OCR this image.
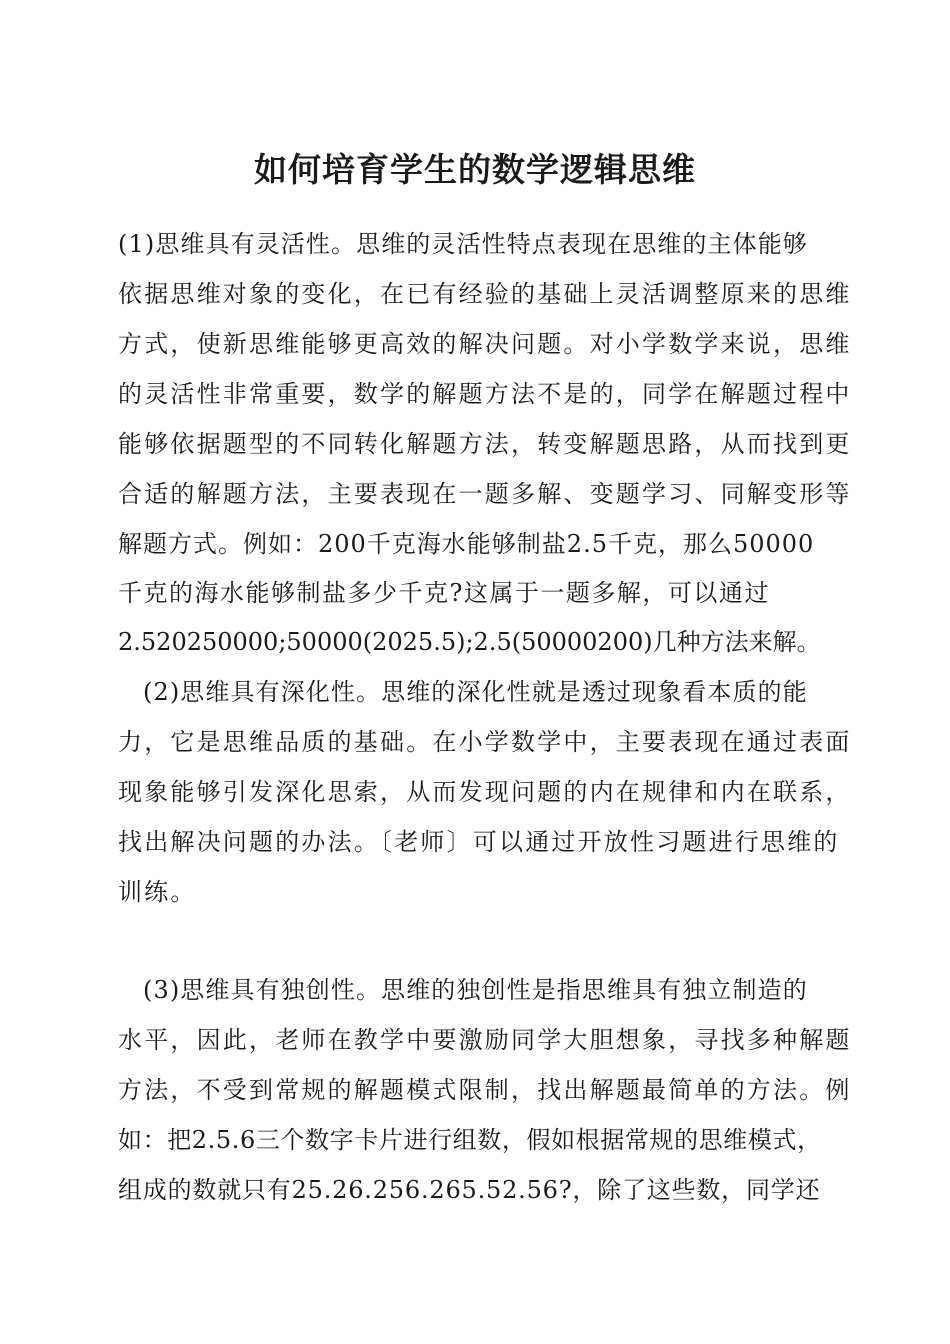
如何培育学生的数学逻辑思维

(1)思维具有灵活性。思维的灵活性特点表现在思维的主体能够

依据思维对象的变化，在已有经验的基础上灵活调整原来的思维

方式，使新思维能够更高效的解决问题。对小学数学来说，思维

的灵活性非常重要，数学的解题方法不是的，同学在解题过程中

能够依据题型的不同转化解题方法，转变解题思路，从而找到更

合适的解题方法，主要表现在一题多解、变题学习、同解变形等

解题方式。例如：200千克海水能够制盐2.5千克，那么50000

千克的海水能够制盐多少千克?这属于一题多解，可以通过

2.520250000;50000(2025.5);2.5(50000200)几种方法来解。

(2)思维具有深化性。思维的深化性就是透过现象看本质的能

力，它是思维品质的基础。在小学数学中，主要表现在通过表面

现象能够引发深化思索，从而发现问题的内在规律和内在联系，

找出解决问题的办法。〔老师〕可以通过开放性习题进行思维的

训练。

(3)思维具有独创性。思维的独创性是指思维具有独立制造的

水平，因此，老师在教学中要激励同学大胆想象，寻找多种解题

方法，不受到常规的解题模式限制，找出解题最简单的方法。例

如：把2.5.6三个数字卡片进行组数，假如根据常规的思维模式，

组成的数就只有25.26.256.265.52.56?，除了这些数，同学还
